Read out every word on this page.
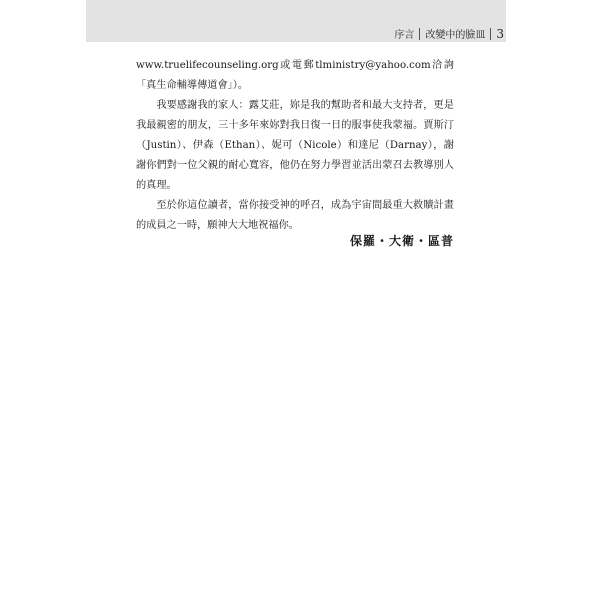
序言 改變中的臉皿 3

www.truelifecounseling.org或電郵tlministry@yahoo.com洽詢「真生命輔導傳道會」）。

我要感謝我的家人：露艾莊，妳是我的幫助者和最大支持者，更是我最親密的朋友，三十多年來妳對我日復一日的服事使我蒙福。賈斯汀（Justin）、伊森（Ethan）、妮可（Nicole）和達尼（Darnay），謝謝你們對一位父親的耐心寬容，他仍在努力學習並活出蒙召去教導別人的真理。

至於你這位讀者，當你接受神的呼召，成為宇宙間最重大救贖計畫的成員之一時，願神大大地祝福你。

保羅・大衛・區普
